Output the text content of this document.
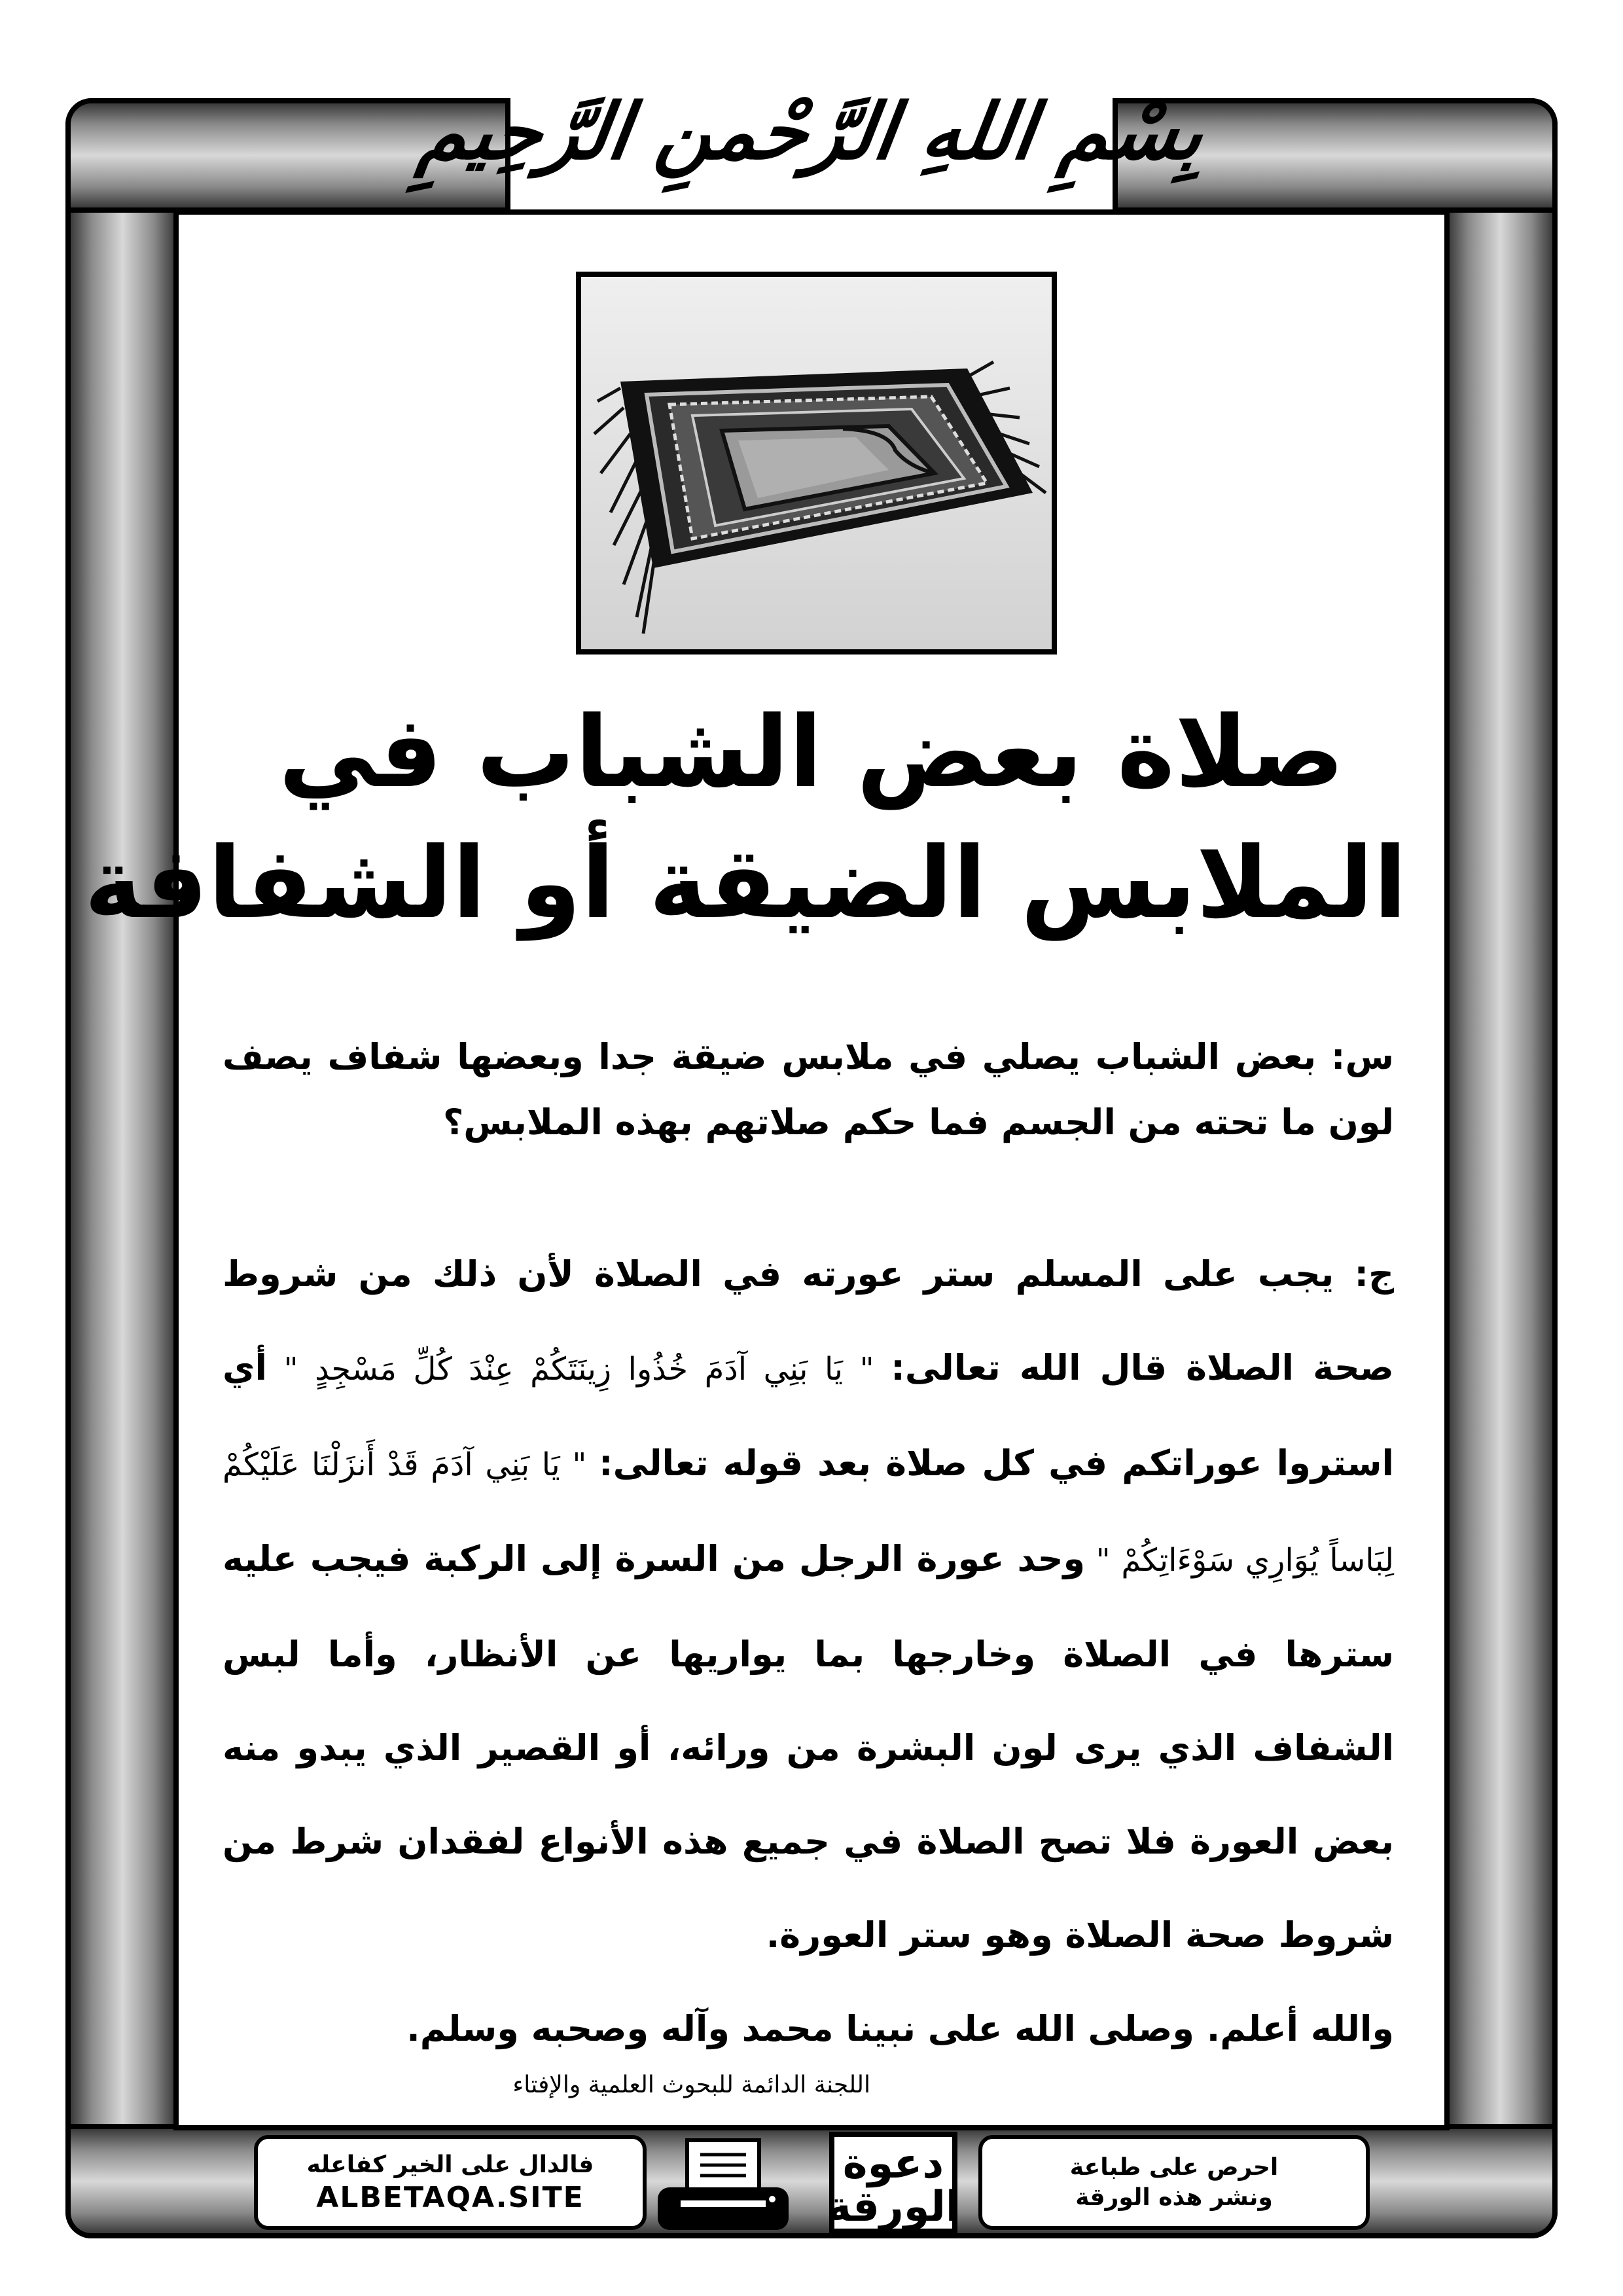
بِسْمِ اللهِ الرَّحْمنِ الرَّحِيمِ
صلاة بعض الشباب في
الملابس الضيقة أو الشفافة

س: بعض الشباب يصلي في ملابس ضيقة جدا وبعضها شفاف يصف لون ما تحته من الجسم فما حكم صلاتهم بهذه الملابس؟

ج: يجب على المسلم ستر عورته في الصلاة لأن ذلك من شروط صحة الصلاة قال الله تعالى: " يَا بَنِي آدَمَ خُذُوا زِينَتَكُمْ عِنْدَ كُلِّ مَسْجِدٍ " أي استروا عوراتكم في كل صلاة بعد قوله تعالى: " يَا بَنِي آدَمَ قَدْ أَنزَلْنَا عَلَيْكُمْ لِبَاساً يُوَارِي سَوْءَاتِكُمْ " وحد عورة الرجل من السرة إلى الركبة فيجب عليه سترها في الصلاة وخارجها بما يواريها عن الأنظار، وأما لبس الشفاف الذي يرى لون البشرة من ورائه، أو القصير الذي يبدو منه بعض العورة فلا تصح الصلاة في جميع هذه الأنواع لفقدان شرط من شروط صحة الصلاة وهو ستر العورة.
والله أعلم. وصلى الله على نبينا محمد وآله وصحبه وسلم.

اللجنة الدائمة للبحوث العلمية والإفتاء
فالدال على الخير كفاعله
ALBETAQA.SITE
دعوة
الورقة
احرص على طباعة
ونشر هذه الورقة
